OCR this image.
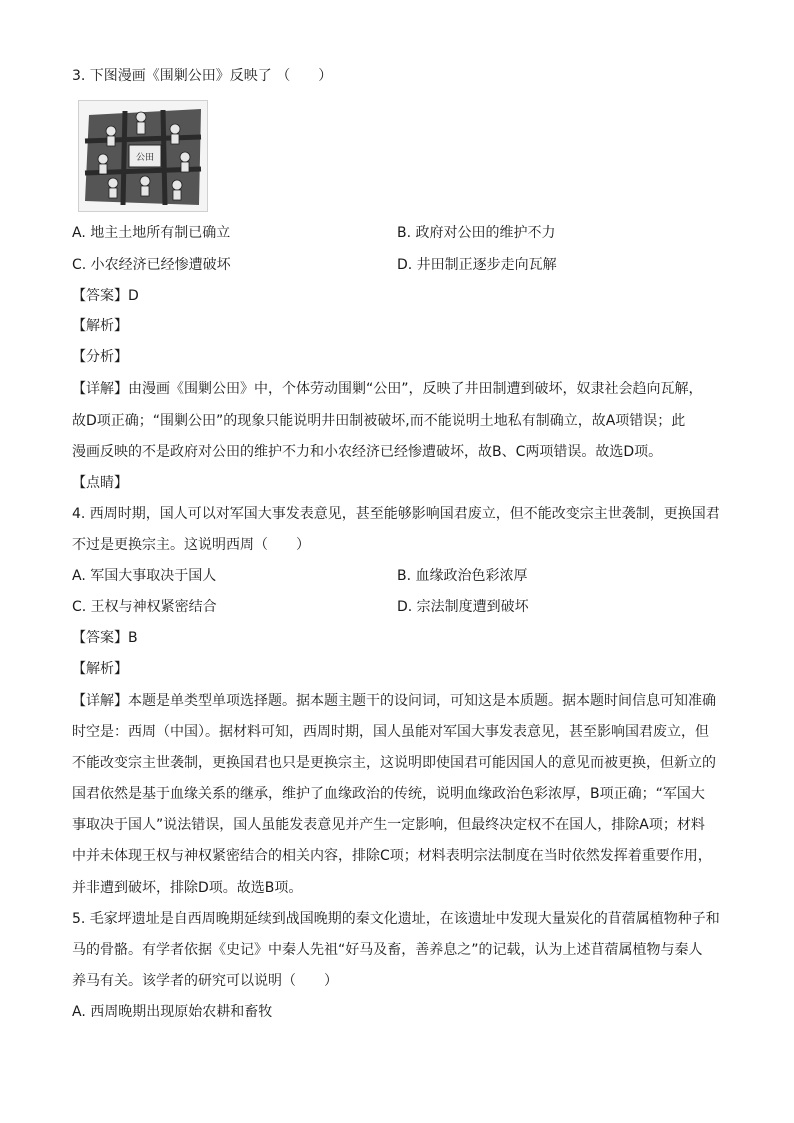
3. 下图漫画《围剿公田》反映了 （　　）
公田
A. 地主土地所有制已确立	B. 政府对公田的维护不力
C. 小农经济已经惨遭破坏	D. 井田制正逐步走向瓦解
【答案】D
【解析】
【分析】
【详解】由漫画《围剿公田》中，个体劳动围剿“公田”，反映了井田制遭到破坏，奴隶社会趋向瓦解，
故D项正确；“围剿公田”的现象只能说明井田制被破坏,而不能说明土地私有制确立，故A项错误；此
漫画反映的不是政府对公田的维护不力和小农经济已经惨遭破坏，故B、C两项错误。故选D项。
【点睛】
4. 西周时期，国人可以对军国大事发表意见，甚至能够影响国君废立，但不能改变宗主世袭制，更换国君
不过是更换宗主。这说明西周（　　）
A. 军国大事取决于国人	B. 血缘政治色彩浓厚
C. 王权与神权紧密结合	D. 宗法制度遭到破坏
【答案】B
【解析】
【详解】本题是单类型单项选择题。据本题主题干的设问词，可知这是本质题。据本题时间信息可知准确
时空是：西周（中国）。据材料可知，西周时期，国人虽能对军国大事发表意见，甚至影响国君废立，但
不能改变宗主世袭制，更换国君也只是更换宗主，这说明即使国君可能因国人的意见而被更换，但新立的
国君依然是基于血缘关系的继承，维护了血缘政治的传统，说明血缘政治色彩浓厚，B项正确；“军国大
事取决于国人”说法错误，国人虽能发表意见并产生一定影响，但最终决定权不在国人，排除A项；材料
中并未体现王权与神权紧密结合的相关内容，排除C项；材料表明宗法制度在当时依然发挥着重要作用，
并非遭到破坏，排除D项。故选B项。
5. 毛家坪遗址是自西周晚期延续到战国晚期的秦文化遗址，在该遗址中发现大量炭化的苜蓿属植物种子和
马的骨骼。有学者依据《史记》中秦人先祖“好马及畜，善养息之”的记载，认为上述苜蓿属植物与秦人
养马有关。该学者的研究可以说明（　　）
A. 西周晚期出现原始农耕和畜牧
